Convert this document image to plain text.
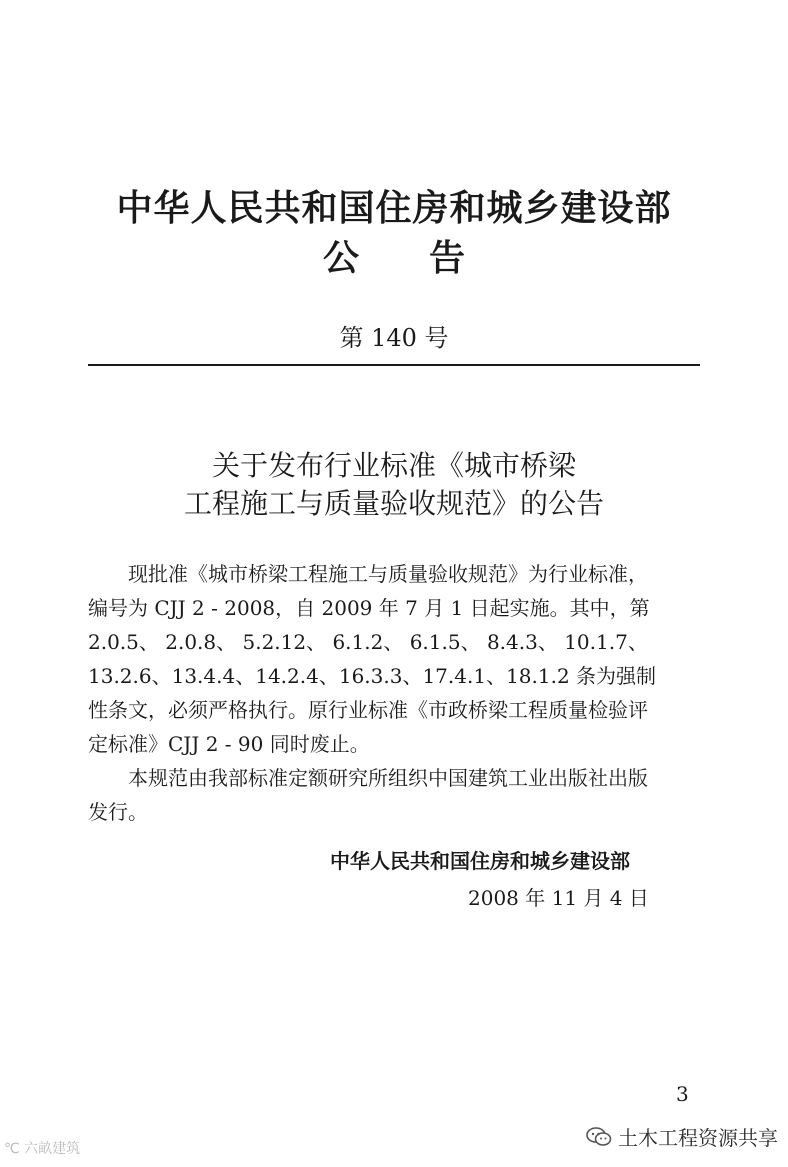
中华人民共和国住房和城乡建设部
公告
第 140 号
关于发布行业标准《城市桥梁
工程施工与质量验收规范》的公告
　　现批准《城市桥梁工程施工与质量验收规范》为行业标准，
编号为 CJJ 2 - 2008，自 2009 年 7 月 1 日起实施。其中，第
2.0.5、 2.0.8、 5.2.12、 6.1.2、 6.1.5、 8.4.3、 10.1.7、
13.2.6、13.4.4、14.2.4、16.3.3、17.4.1、18.1.2 条为强制
性条文，必须严格执行。原行业标准《市政桥梁工程质量检验评
定标准》CJJ 2 - 90 同时废止。
　　本规范由我部标准定额研究所组织中国建筑工业出版社出版
发行。
中华人民共和国住房和城乡建设部
2008 年 11 月 4 日
3
℃ 六畝建筑	土木工程资源共享
